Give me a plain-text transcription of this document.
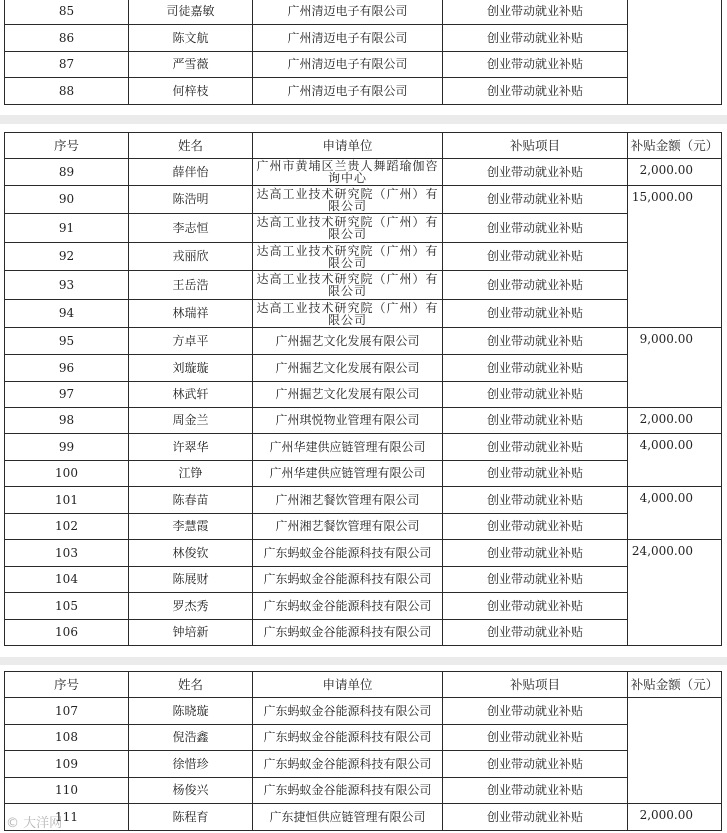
85	司徒嘉敏	广州清迈电子有限公司	创业带动就业补贴	
86	陈文航	广州清迈电子有限公司	创业带动就业补贴	
87	严雪薇	广州清迈电子有限公司	创业带动就业补贴	
88	何梓枝	广州清迈电子有限公司	创业带动就业补贴	
序号	姓名	申请单位	补贴项目	补贴金额（元）
89	薛伴怡	广州市黄埔区兰贵人舞蹈瑜伽咨询中心	创业带动就业补贴	2,000.00
90	陈浩明	达高工业技术研究院（广州）有限公司	创业带动就业补贴	15,000.00
91	李志恒	达高工业技术研究院（广州）有限公司	创业带动就业补贴	
92	戎丽欣	达高工业技术研究院（广州）有限公司	创业带动就业补贴	
93	王岳浩	达高工业技术研究院（广州）有限公司	创业带动就业补贴	
94	林瑞祥	达高工业技术研究院（广州）有限公司	创业带动就业补贴	
95	方卓平	广州掘艺文化发展有限公司	创业带动就业补贴	9,000.00
96	刘璇璇	广州掘艺文化发展有限公司	创业带动就业补贴	
97	林武轩	广州掘艺文化发展有限公司	创业带动就业补贴	
98	周金兰	广州琪悦物业管理有限公司	创业带动就业补贴	2,000.00
99	许翠华	广州华建供应链管理有限公司	创业带动就业补贴	4,000.00
100	江铮	广州华建供应链管理有限公司	创业带动就业补贴	
101	陈春苗	广州湘艺餐饮管理有限公司	创业带动就业补贴	4,000.00
102	李慧霞	广州湘艺餐饮管理有限公司	创业带动就业补贴	
103	林俊钦	广东蚂蚁金谷能源科技有限公司	创业带动就业补贴	24,000.00
104	陈展财	广东蚂蚁金谷能源科技有限公司	创业带动就业补贴	
105	罗杰秀	广东蚂蚁金谷能源科技有限公司	创业带动就业补贴	
106	钟培新	广东蚂蚁金谷能源科技有限公司	创业带动就业补贴	
序号	姓名	申请单位	补贴项目	补贴金额（元）
107	陈晓璇	广东蚂蚁金谷能源科技有限公司	创业带动就业补贴	
108	倪浩鑫	广东蚂蚁金谷能源科技有限公司	创业带动就业补贴	
109	徐惜珍	广东蚂蚁金谷能源科技有限公司	创业带动就业补贴	
110	杨俊兴	广东蚂蚁金谷能源科技有限公司	创业带动就业补贴	
111	陈程育	广东捷恒供应链管理有限公司	创业带动就业补贴	2,000.00
© 大洋网
